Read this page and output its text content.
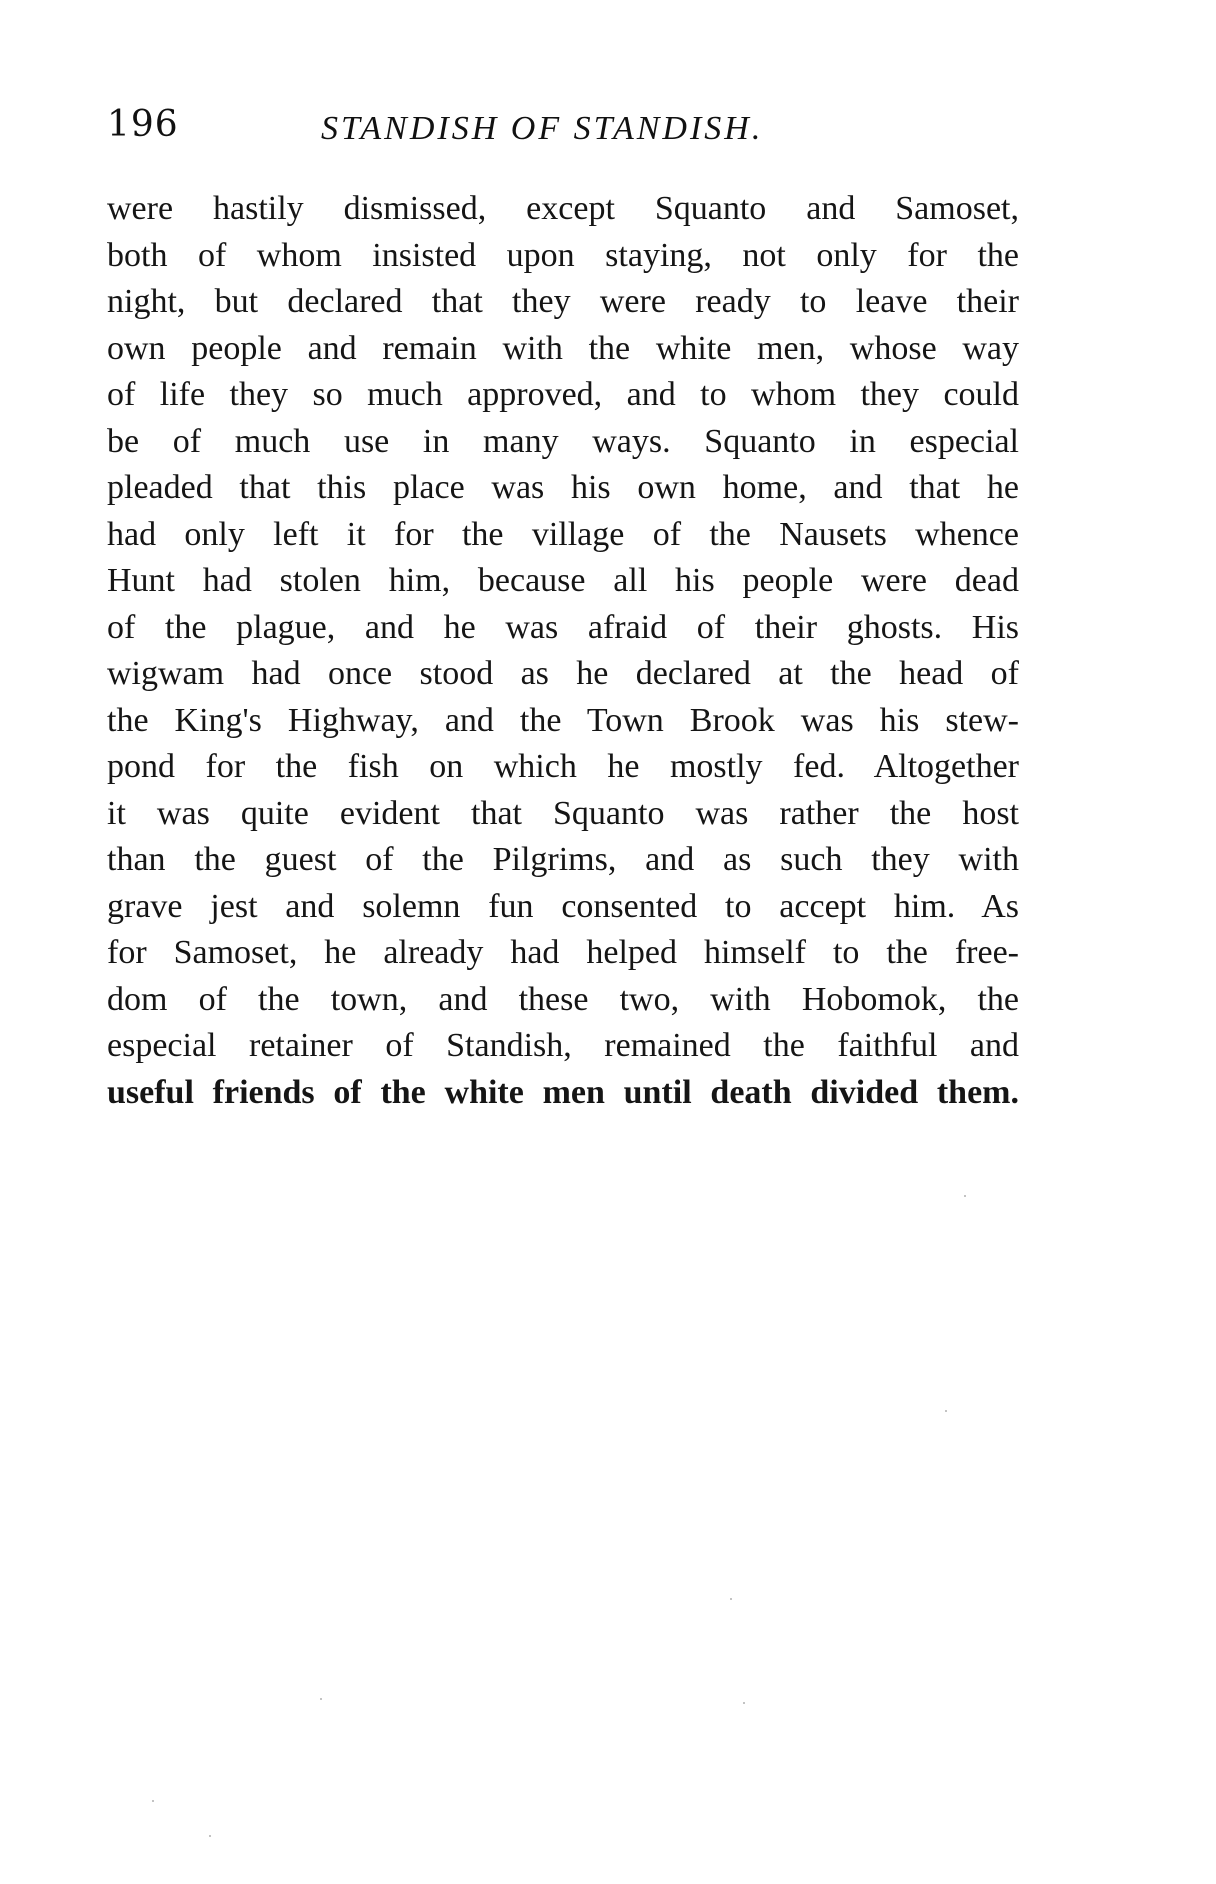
196	STANDISH OF STANDISH.
were hastily dismissed, except Squanto and Samoset,
both of whom insisted upon staying, not only for the
night, but declared that they were ready to leave their
own people and remain with the white men, whose way
of life they so much approved, and to whom they could
be of much use in many ways. Squanto in especial
pleaded that this place was his own home, and that he
had only left it for the village of the Nausets whence
Hunt had stolen him, because all his people were dead
of the plague, and he was afraid of their ghosts. His
wigwam had once stood as he declared at the head of
the King's Highway, and the Town Brook was his stew-
pond for the fish on which he mostly fed. Altogether
it was quite evident that Squanto was rather the host
than the guest of the Pilgrims, and as such they with
grave jest and solemn fun consented to accept him. As
for Samoset, he already had helped himself to the free-
dom of the town, and these two, with Hobomok, the
especial retainer of Standish, remained the faithful and
useful friends of the white men until death divided them.
